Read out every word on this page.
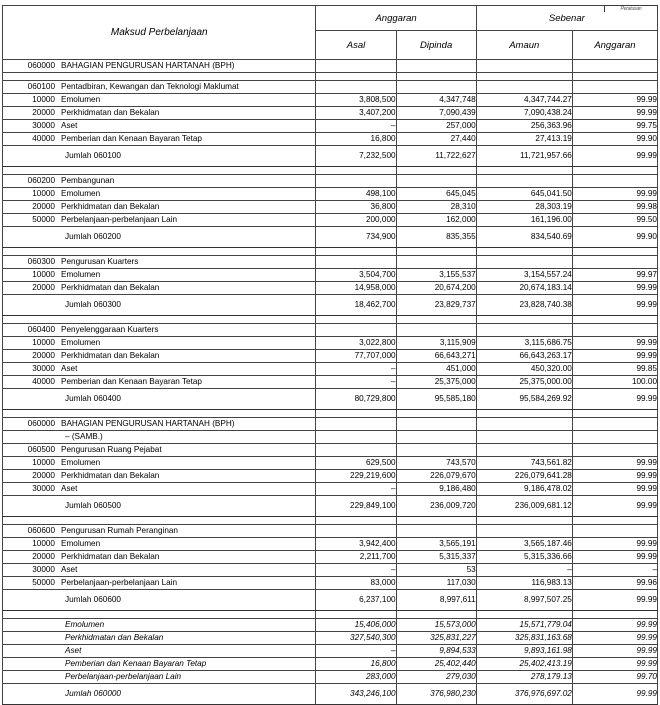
Peratusan
Maksud Perbelanjaan	Anggaran		Sebenar	
	Asal	Dipinda	Amaun	Anggaran
060000 BAHAGIAN PENGURUSAN HARTANAH (BPH)				

060100 Pentadbiran, Kewangan dan Teknologi Maklumat				
10000 Emolumen	3,808,500	4,347,748	4,347,744.27	99.99
20000 Perkhidmatan dan Bekalan	3,407,200	7,090,439	7,090,438.24	99.99
30000 Aset	–	257,000	256,363.96	99.75
40000 Pemberian dan Kenaan Bayaran Tetap	16,800	27,440	27,413.19	99.90
Jumlah 060100	7,232,500	11,722,627	11,721,957.66	99.99

060200 Pembangunan				
10000 Emolumen	498,100	645,045	645,041.50	99.99
20000 Perkhidmatan dan Bekalan	36,800	28,310	28,303.19	99.98
50000 Perbelanjaan-perbelanjaan Lain	200,000	162,000	161,196.00	99.50
Jumlah 060200	734,900	835,355	834,540.69	99.90

060300 Pengurusan Kuarters				
10000 Emolumen	3,504,700	3,155,537	3,154,557.24	99.97
20000 Perkhidmatan dan Bekalan	14,958,000	20,674,200	20,674,183.14	99.99
Jumlah 060300	18,462,700	23,829,737	23,828,740.38	99.99

060400 Penyelenggaraan Kuarters				
10000 Emolumen	3,022,800	3,115,909	3,115,686.75	99.99
20000 Perkhidmatan dan Bekalan	77,707,000	66,643,271	66,643,263.17	99.99
30000 Aset	–	451,000	450,320.00	99.85
40000 Pemberian dan Kenaan Bayaran Tetap	–	25,375,000	25,375,000.00	100.00
Jumlah 060400	80,729,800	95,585,180	95,584,269.92	99.99

060000 BAHAGIAN PENGURUSAN HARTANAH (BPH)				
– (SAMB.)				
060500 Pengurusan Ruang Pejabat				
10000 Emolumen	629,500	743,570	743,561.82	99.99
20000 Perkhidmatan dan Bekalan	229,219,600	226,079,670	226,079,641.28	99.99
30000 Aset	–	9,186,480	9,186,478.02	99.99
Jumlah 060500	229,849,100	236,009,720	236,009,681.12	99.99

060600 Pengurusan Rumah Peranginan				
10000 Emolumen	3,942,400	3,565,191	3,565,187.46	99.99
20000 Perkhidmatan dan Bekalan	2,211,700	5,315,337	5,315,336.66	99.99
30000 Aset	–	53	–	–
50000 Perbelanjaan-perbelanjaan Lain	83,000	117,030	116,983.13	99.96
Jumlah 060600	6,237,100	8,997,611	8,997,507.25	99.99

Emolumen	15,406,000	15,573,000	15,571,779.04	99.99
Perkhidmatan dan Bekalan	327,540,300	325,831,227	325,831,163.68	99.99
Aset	–	9,894,533	9,893,161.98	99.99
Pemberian dan Kenaan Bayaran Tetap	16,800	25,402,440	25,402,413.19	99.99
Perbelanjaan-perbelanjaan Lain	283,000	279,030	278,179.13	99.70
Jumlah 060000	343,246,100	376,980,230	376,976,697.02	99.99
